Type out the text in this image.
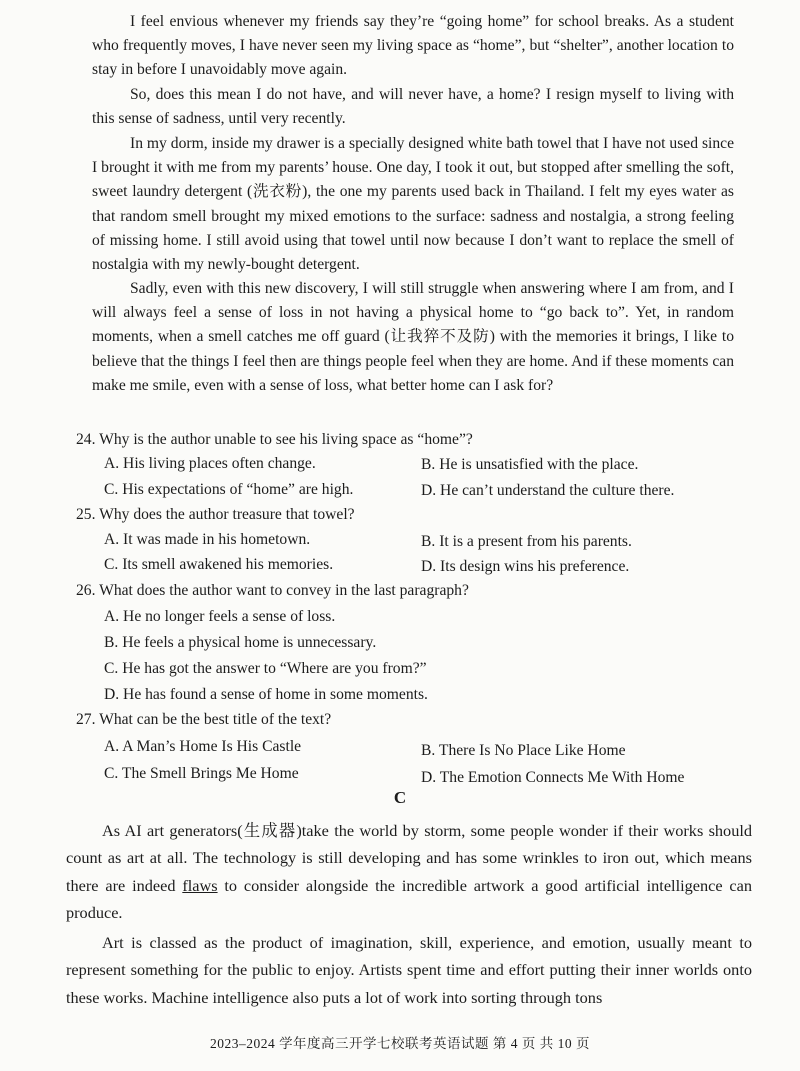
I feel envious whenever my friends say they’re “going home” for school breaks. As a student who frequently moves, I have never seen my living space as “home”, but “shelter”, another location to stay in before I unavoidably move again.

So, does this mean I do not have, and will never have, a home? I resign myself to living with this sense of sadness, until very recently.

In my dorm, inside my drawer is a specially designed white bath towel that I have not used since I brought it with me from my parents’ house. One day, I took it out, but stopped after smelling the soft, sweet laundry detergent (洗衣粉), the one my parents used back in Thailand. I felt my eyes water as that random smell brought my mixed emotions to the surface: sadness and nostalgia, a strong feeling of missing home. I still avoid using that towel until now because I don’t want to replace the smell of nostalgia with my newly-bought detergent.

Sadly, even with this new discovery, I will still struggle when answering where I am from, and I will always feel a sense of loss in not having a physical home to “go back to”. Yet, in random moments, when a smell catches me off guard (让我猝不及防) with the memories it brings, I like to believe that the things I feel then are things people feel when they are home. And if these moments can make me smile, even with a sense of loss, what better home can I ask for?

24. Why is the author unable to see his living space as “home”?

A. His living places often change.	B. He is unsatisfied with the place.

C. His expectations of “home” are high.	D. He can’t understand the culture there.

25. Why does the author treasure that towel?

A. It was made in his hometown.	B. It is a present from his parents.

C. Its smell awakened his memories.	D. Its design wins his preference.

26. What does the author want to convey in the last paragraph?

A. He no longer feels a sense of loss.

B. He feels a physical home is unnecessary.

C. He has got the answer to “Where are you from?”

D. He has found a sense of home in some moments.

27. What can be the best title of the text?

A. A Man’s Home Is His Castle	B. There Is No Place Like Home

C. The Smell Brings Me Home	D. The Emotion Connects Me With Home

C

As AI art generators(生成器)take the world by storm, some people wonder if their works should count as art at all. The technology is still developing and has some wrinkles to iron out, which means there are indeed flaws to consider alongside the incredible artwork a good artificial intelligence can produce.

Art is classed as the product of imagination, skill, experience, and emotion, usually meant to represent something for the public to enjoy. Artists spent time and effort putting their inner worlds onto these works. Machine intelligence also puts a lot of work into sorting through tons

2023–2024 学年度高三开学七校联考英语试题 第 4 页 共 10 页
